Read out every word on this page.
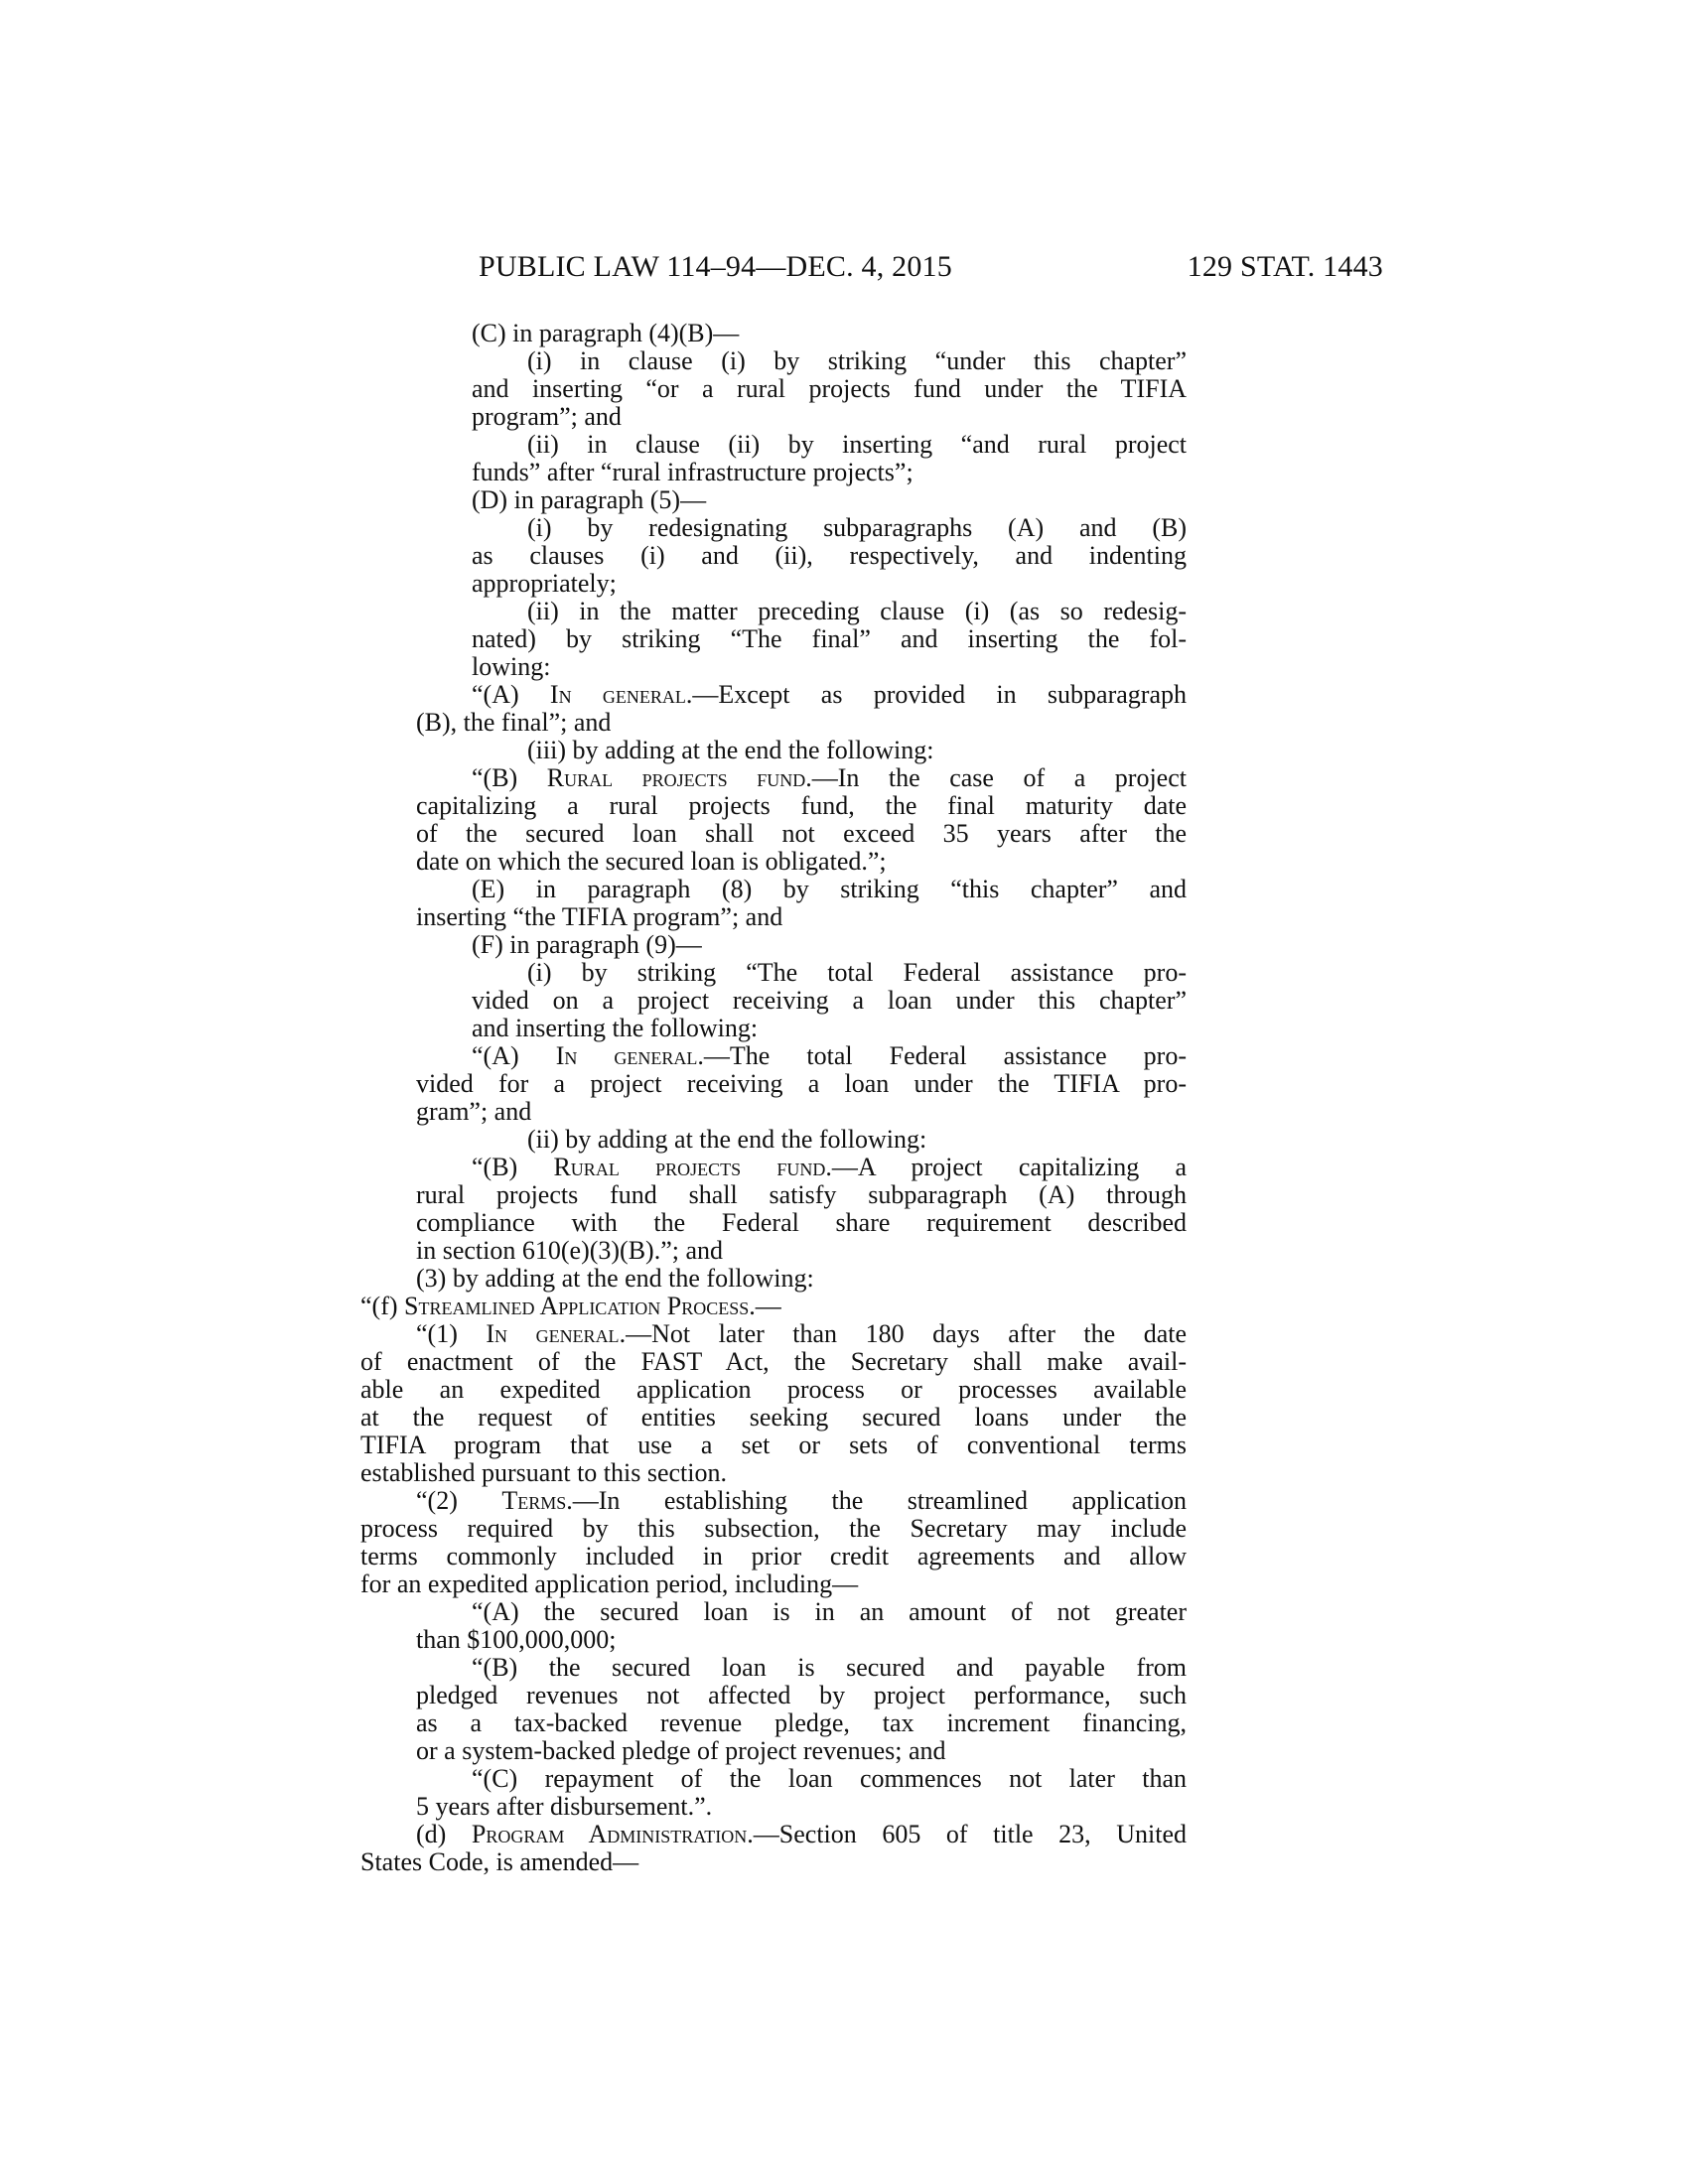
PUBLIC LAW 114–94—DEC. 4, 2015	129 STAT. 1443
(C) in paragraph (4)(B)—
(i) in clause (i) by striking “under this chapter”
and inserting “or a rural projects fund under the TIFIA
program”; and
(ii) in clause (ii) by inserting “and rural project
funds” after “rural infrastructure projects”;
(D) in paragraph (5)—
(i) by redesignating subparagraphs (A) and (B)
as clauses (i) and (ii), respectively, and indenting
appropriately;
(ii) in the matter preceding clause (i) (as so redesig-
nated) by striking “The final” and inserting the fol-
lowing:
“(A) In general.—Except as provided in subparagraph
(B), the final”; and
(iii) by adding at the end the following:
“(B) Rural projects fund.—In the case of a project
capitalizing a rural projects fund, the final maturity date
of the secured loan shall not exceed 35 years after the
date on which the secured loan is obligated.”;
(E) in paragraph (8) by striking “this chapter” and
inserting “the TIFIA program”; and
(F) in paragraph (9)—
(i) by striking “The total Federal assistance pro-
vided on a project receiving a loan under this chapter”
and inserting the following:
“(A) In general.—The total Federal assistance pro-
vided for a project receiving a loan under the TIFIA pro-
gram”; and
(ii) by adding at the end the following:
“(B) Rural projects fund.—A project capitalizing a
rural projects fund shall satisfy subparagraph (A) through
compliance with the Federal share requirement described
in section 610(e)(3)(B).”; and
(3) by adding at the end the following:
“(f) Streamlined Application Process.—
“(1) In general.—Not later than 180 days after the date
of enactment of the FAST Act, the Secretary shall make avail-
able an expedited application process or processes available
at the request of entities seeking secured loans under the
TIFIA program that use a set or sets of conventional terms
established pursuant to this section.
“(2) Terms.—In establishing the streamlined application
process required by this subsection, the Secretary may include
terms commonly included in prior credit agreements and allow
for an expedited application period, including—
“(A) the secured loan is in an amount of not greater
than $100,000,000;
“(B) the secured loan is secured and payable from
pledged revenues not affected by project performance, such
as a tax-backed revenue pledge, tax increment financing,
or a system-backed pledge of project revenues; and
“(C) repayment of the loan commences not later than
5 years after disbursement.”.
(d) Program Administration.—Section 605 of title 23, United
States Code, is amended—
